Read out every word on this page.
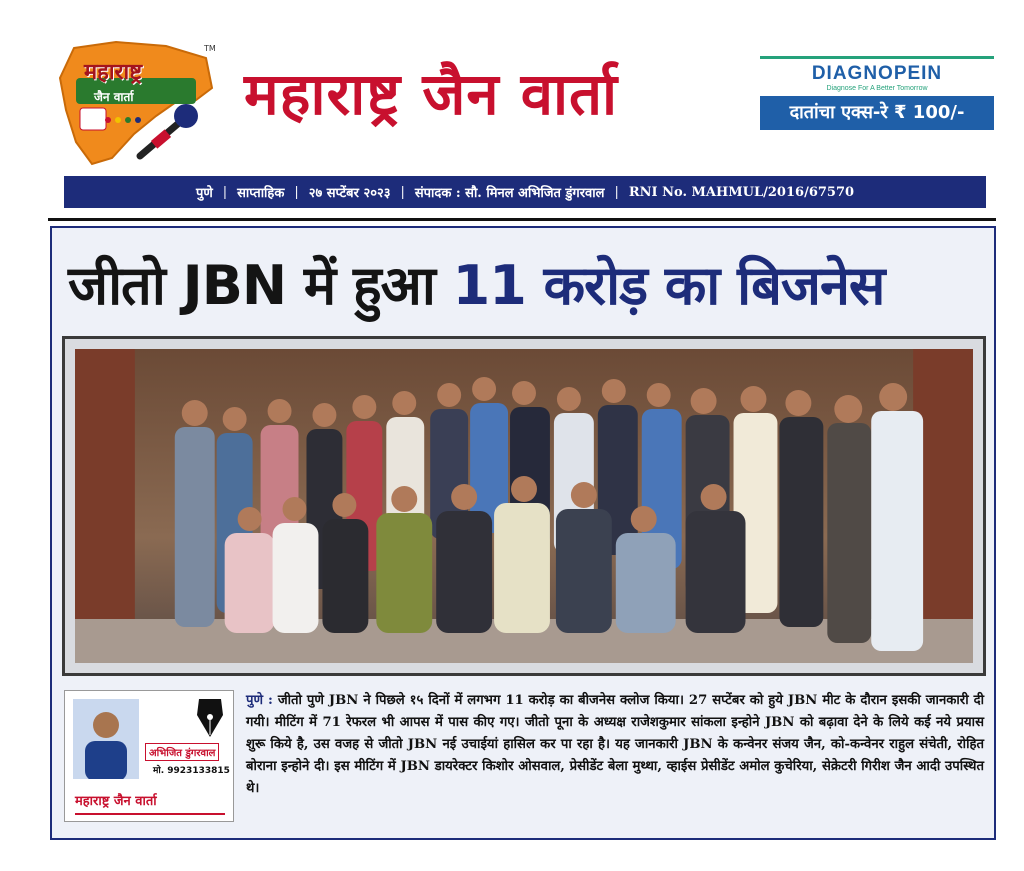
महाराष्ट्र
जैन वार्ता
TM
महाराष्ट्र जैन वार्ता	DIAGNOPEIN
Diagnose For A Better Tomorrow
दातांचा एक्स-रे ₹ 100/-
पुणे | साप्ताहिक | २७ सप्टेंबर २०२३ | संपादक : सौ. मिनल अभिजित डुंगरवाल | RNI No. MAHMUL/2016/67570
जीतो JBN में हुआ 11 करोड़ का बिजनेस
अभिजित डुंगरवाल
मो. 9923133815
महाराष्ट्र जैन वार्ता

पुणे : जीतो पुणे JBN ने पिछले १५ दिनों में लगभग 11 करोड़ का बीजनेस क्लोज किया। 27 सप्टेंबर को हुये JBN मीट के दौरान इसकी जानकारी दी गयी। मीटिंग में 71 रेफरल भी आपस में पास कीए गए। जीतो पूना के अध्यक्ष राजेशकुमार सांकला इन्होने JBN को बढ़ावा देने के लिये कई नये प्रयास शुरू किये है, उस वजह से जीतो JBN नई उचाईयां हासिल कर पा रहा है। यह जानकारी JBN के कन्वेनर संजय जैन, को-कन्वेनर राहुल संचेती, रोहित बोराना इन्होने दी। इस मीटिंग में JBN डायरेक्टर किशोर ओसवाल, प्रेसीडेंट बेला मुथ्था, व्हाईस प्रेसीडेंट अमोल कुचेरिया, सेक्रेटरी गिरीश जैन आदी उपस्थित थे।
